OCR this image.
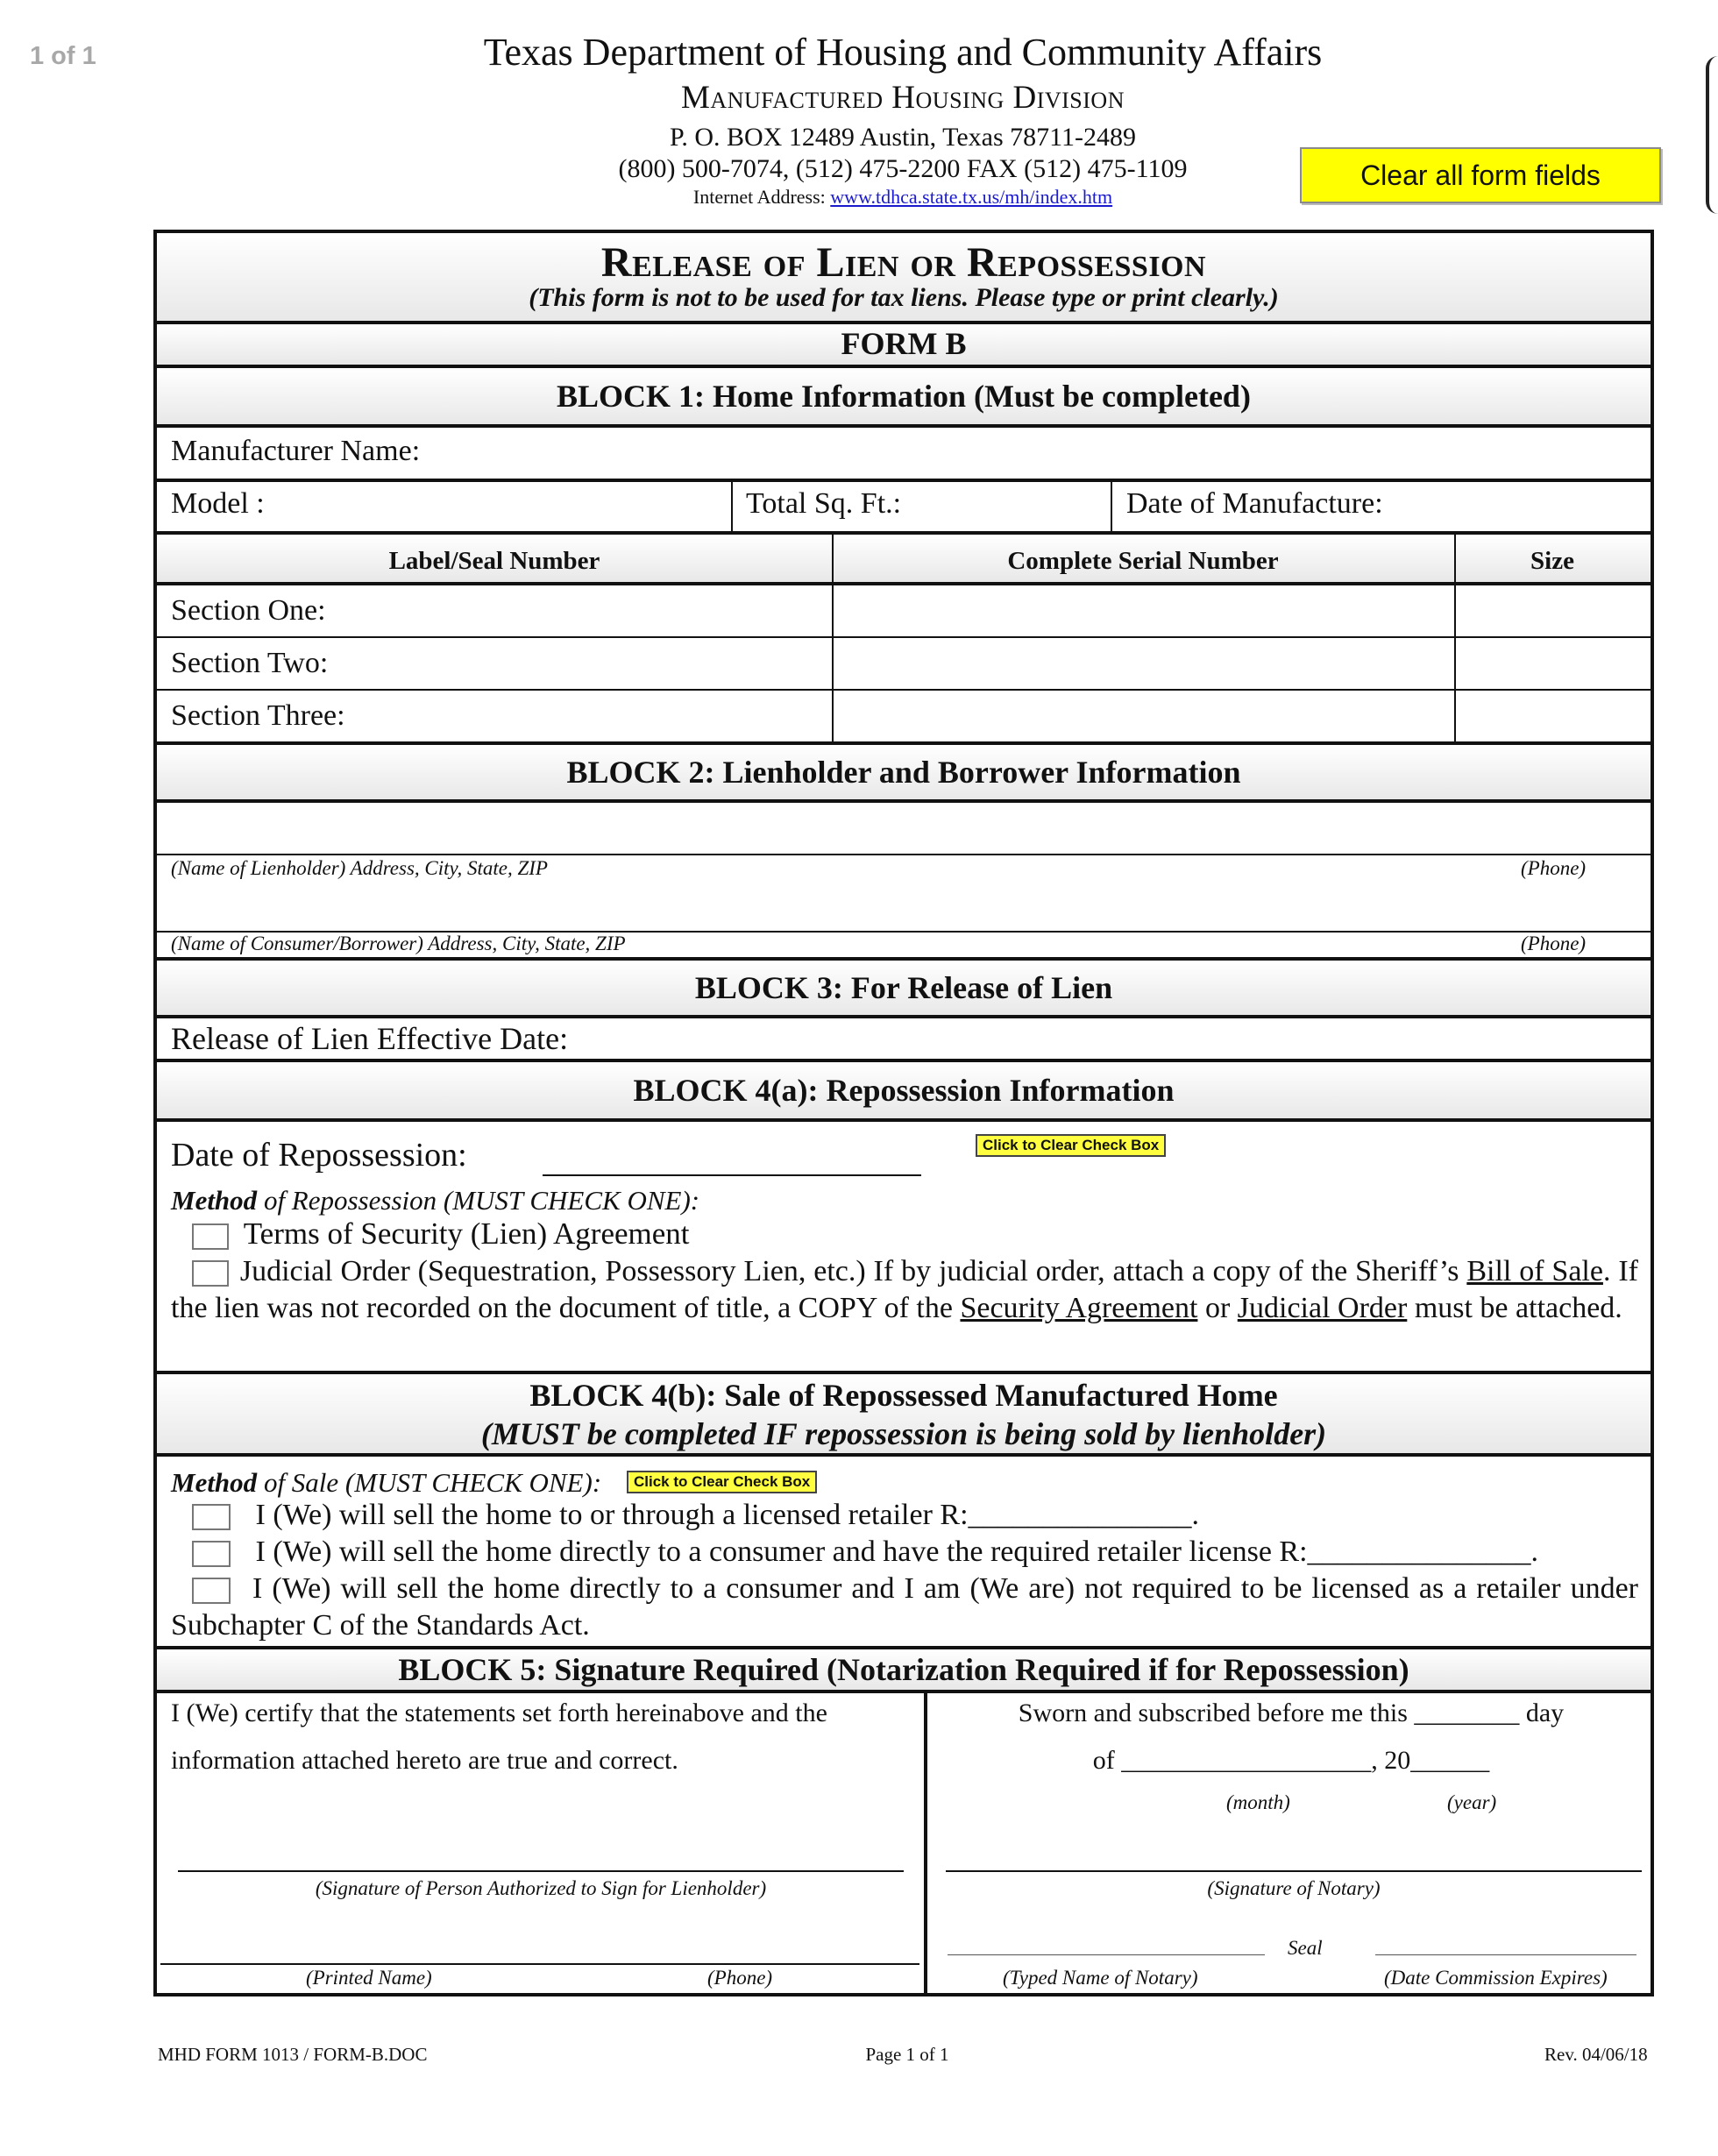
1 of 1	Texas Department of Housing and Community Affairs
Manufactured Housing Division
P. O. BOX 12489 Austin, Texas 78711-2489
(800) 500-7074, (512) 475-2200 FAX (512) 475-1109
Internet Address: www.tdhca.state.tx.us/mh/index.htm
Clear all form fields
Release of Lien or Repossession
(This form is not to be used for tax liens. Please type or print clearly.)
FORM B
BLOCK 1: Home Information (Must be completed)
Manufacturer Name:
Model :	Total Sq. Ft.:	Date of Manufacture:
Label/Seal Number	Complete Serial Number	Size
Section One:
Section Two:
Section Three:
BLOCK 2: Lienholder and Borrower Information
(Name of Lienholder) Address, City, State, ZIP	(Phone)
(Name of Consumer/Borrower) Address, City, State, ZIP	(Phone)
BLOCK 3: For Release of Lien
Release of Lien Effective Date:
BLOCK 4(a): Repossession Information
Date of Repossession:	Click to Clear Check Box
Method of Repossession (MUST CHECK ONE):
Terms of Security (Lien) Agreement
Judicial Order (Sequestration, Possessory Lien, etc.) If by judicial order, attach a copy of the Sheriff’s Bill of Sale. If the lien was not recorded on the document of title, a COPY of the Security Agreement or Judicial Order must be attached.
BLOCK 4(b): Sale of Repossessed Manufactured Home
(MUST be completed IF repossession is being sold by lienholder)
Method of Sale (MUST CHECK ONE):	Click to Clear Check Box
I (We) will sell the home to or through a licensed retailer R:_______________.
I (We) will sell the home directly to a consumer and have the required retailer license R:_______________.
I (We) will sell the home directly to a consumer and I am (We are) not required to be licensed as a retailer under Subchapter C of the Standards Act.
BLOCK 5: Signature Required (Notarization Required if for Repossession)
I (We) certify that the statements set forth hereinabove and the
information attached hereto are true and correct.
(Signature of Person Authorized to Sign for Lienholder)
(Printed Name)	(Phone)
Sworn and subscribed before me this ________ day
of ___________________, 20______
(month)	(year)
(Signature of Notary)
Seal
(Typed Name of Notary)	(Date Commission Expires)
MHD FORM 1013 / FORM-B.DOC	Page 1 of 1	Rev. 04/06/18
